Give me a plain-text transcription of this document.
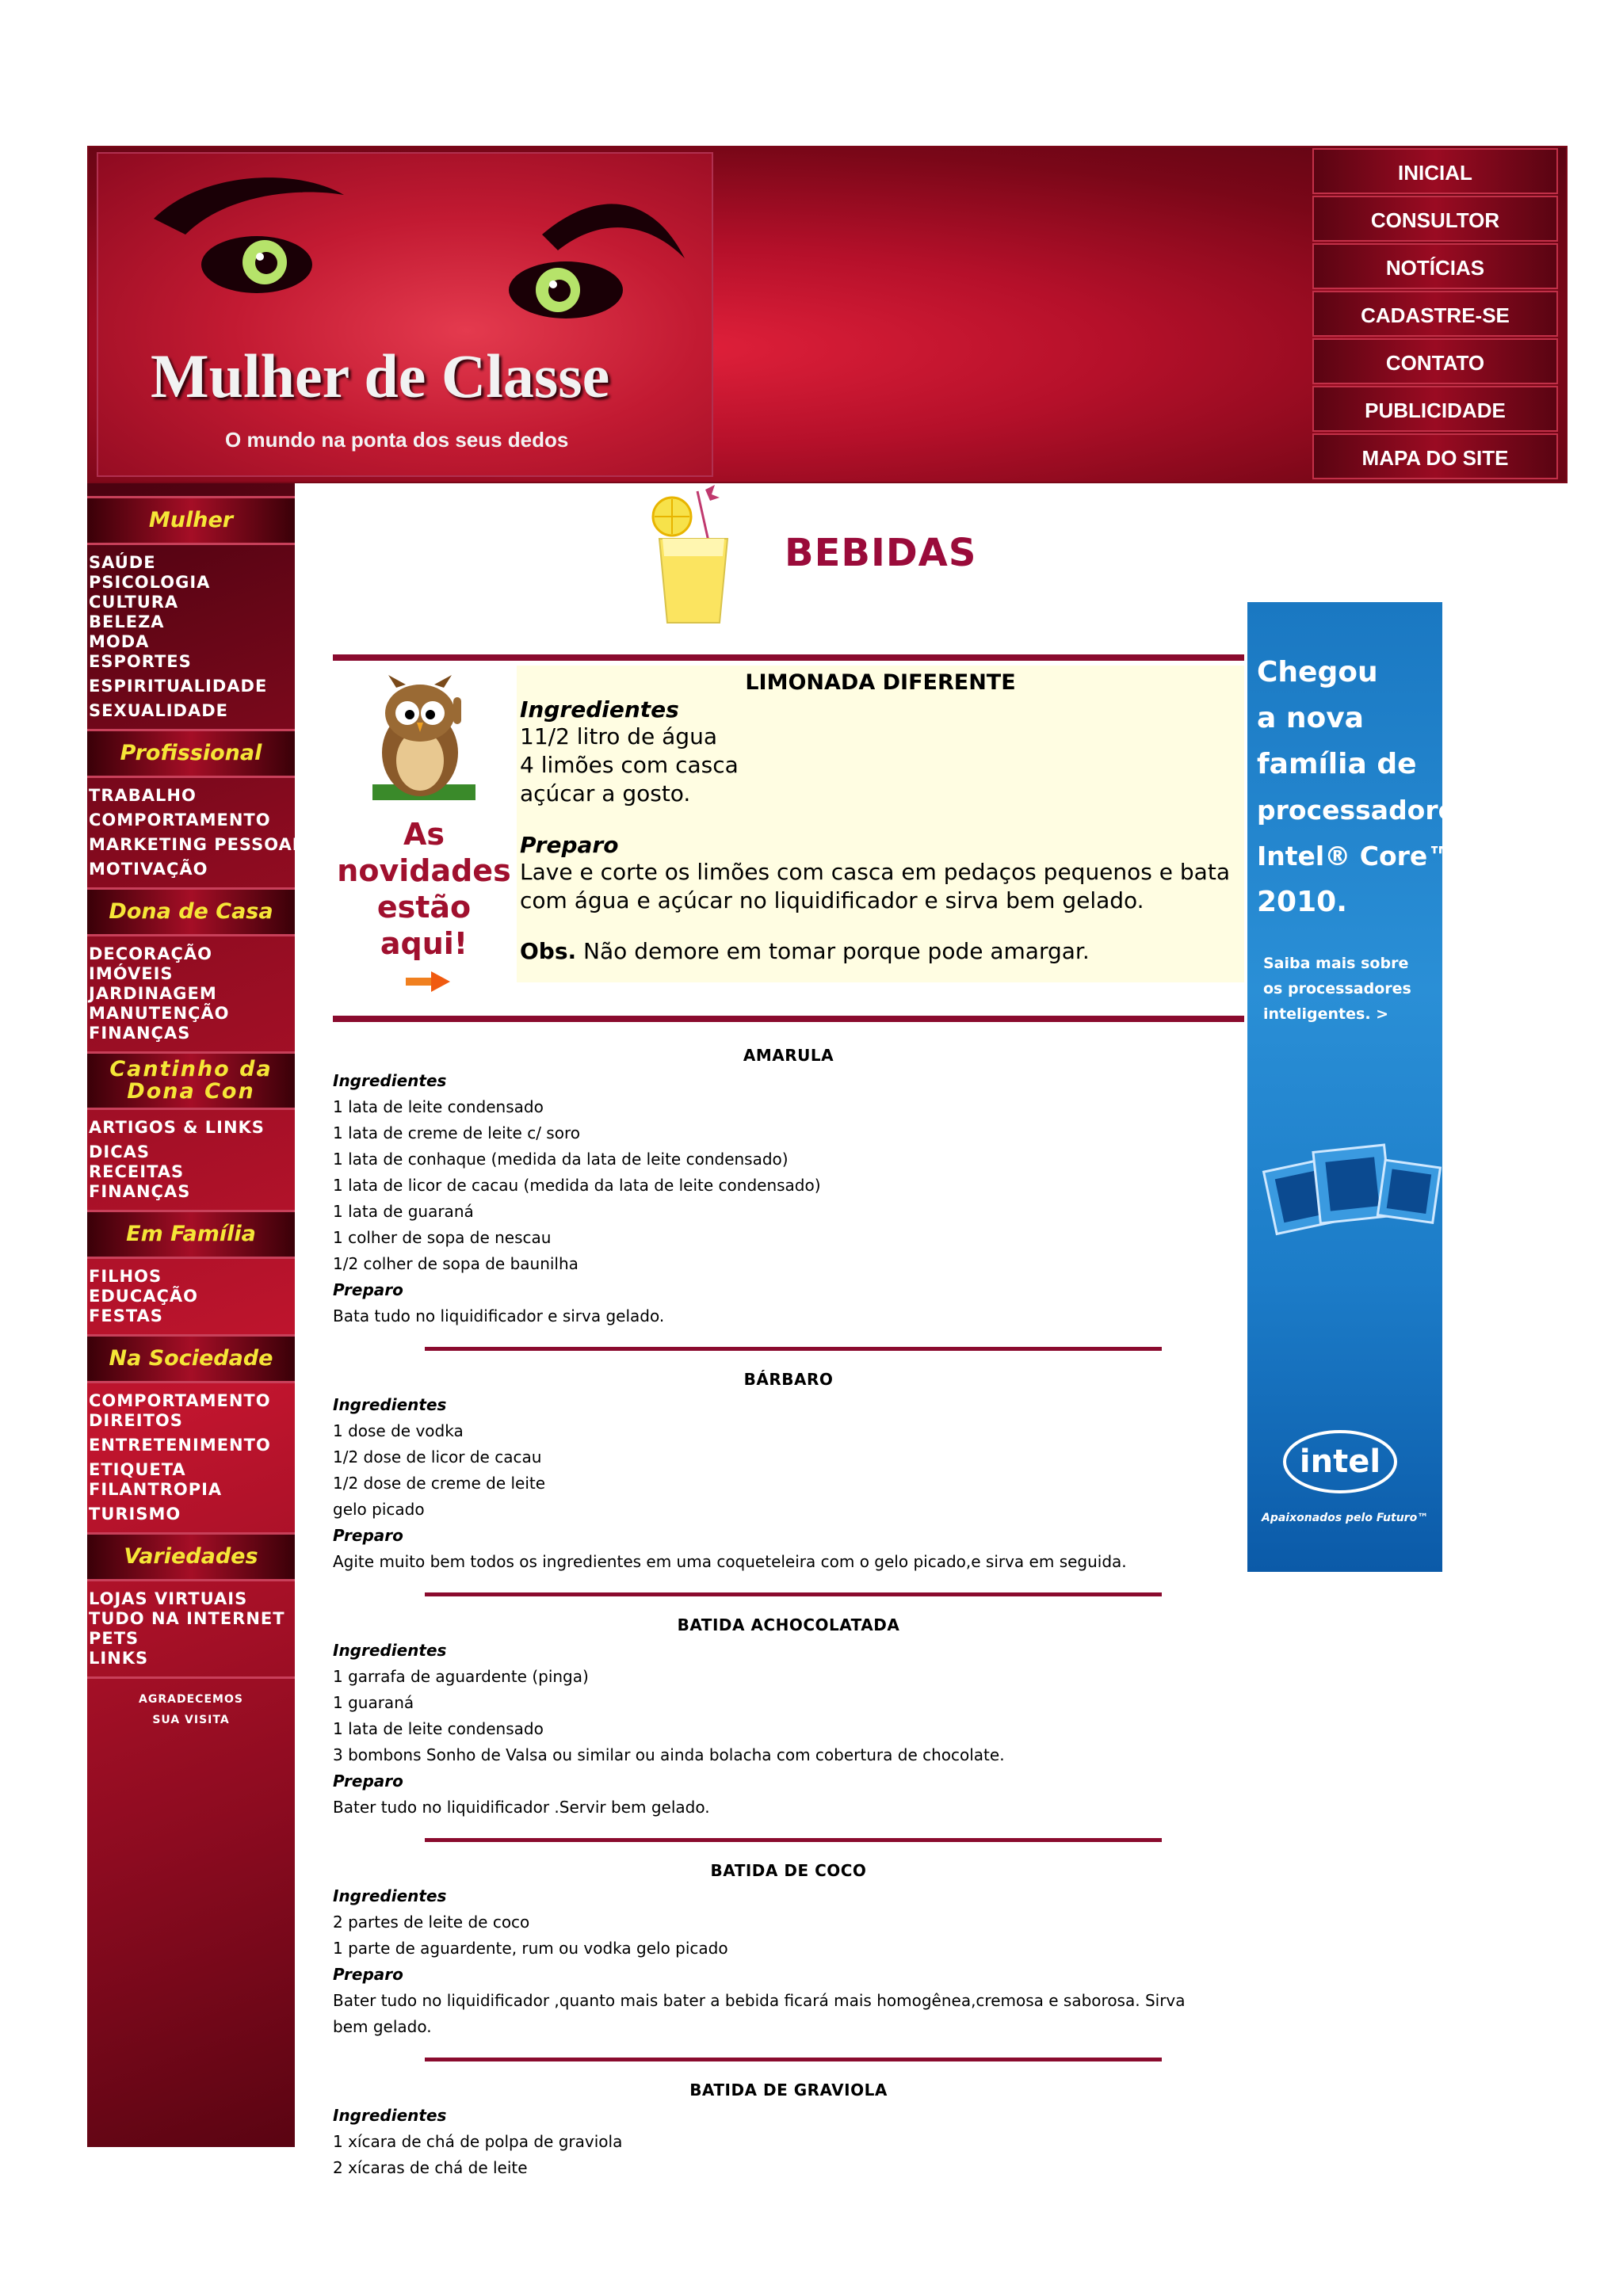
Mulher de Classe
O mundo na ponta dos seus dedos
INICIAL
CONSULTOR
NOTÍCIAS
CADASTRE-SE
CONTATO
PUBLICIDADE
MAPA DO SITE
Mulher
SAÚDE
PSICOLOGIA
CULTURA
BELEZA
MODA
ESPORTES
ESPIRITUALIDADE
SEXUALIDADE
Profissional
TRABALHO
COMPORTAMENTO
MARKETING PESSOAL
MOTIVAÇÃO
Dona de Casa
DECORAÇÃO
IMÓVEIS
JARDINAGEM
MANUTENÇÃO
FINANÇAS
Cantinho da
Dona Con
ARTIGOS & LINKS
DICAS
RECEITAS
FINANÇAS
Em Família
FILHOS
EDUCAÇÃO
FESTAS
Na Sociedade
COMPORTAMENTO
DIREITOS
ENTRETENIMENTO
ETIQUETA
FILANTROPIA
TURISMO
Variedades
LOJAS VIRTUAIS
TUDO NA INTERNET
PETS
LINKS
AGRADECEMOS
SUA VISITA
BEBIDAS
As
novidades
estão
aqui!
LIMONADA DIFERENTE
Ingredientes
11/2 litro de água
4 limões com casca
açúcar a gosto.
Preparo
Lave e corte os limões com casca em pedaços pequenos e bata
com água e açúcar no liquidificador e sirva bem gelado.
Obs. Não demore em tomar porque pode amargar.
AMARULA
Ingredientes
1 lata de leite condensado
1 lata de creme de leite c/ soro
1 lata de conhaque (medida da lata de leite condensado)
1 lata de licor de cacau (medida da lata de leite condensado)
1 lata de guaraná
1 colher de sopa de nescau
1/2 colher de sopa de baunilha
Preparo
Bata tudo no liquidificador e sirva gelado.
BÁRBARO
Ingredientes
1 dose de vodka
1/2 dose de licor de cacau
1/2 dose de creme de leite
gelo picado
Preparo
Agite muito bem todos os ingredientes em uma coqueteleira com o gelo picado,e sirva em seguida.
BATIDA ACHOCOLATADA
Ingredientes
1 garrafa de aguardente (pinga)
1 guaraná
1 lata de leite condensado
3 bombons Sonho de Valsa ou similar ou ainda bolacha com cobertura de chocolate.
Preparo
Bater tudo no liquidificador .Servir bem gelado.
BATIDA DE COCO
Ingredientes
2 partes de leite de coco
1 parte de aguardente, rum ou vodka gelo picado
Preparo
Bater tudo no liquidificador ,quanto mais bater a bebida ficará mais homogênea,cremosa e saborosa. Sirva
bem gelado.
BATIDA DE GRAVIOLA
Ingredientes
1 xícara de chá de polpa de graviola
2 xícaras de chá de leite
Chegou
a nova
família de
processadores
Intel® Core™
2010.
Saiba mais sobre
os processadores
inteligentes. >
intel
Apaixonados pelo Futuro™
